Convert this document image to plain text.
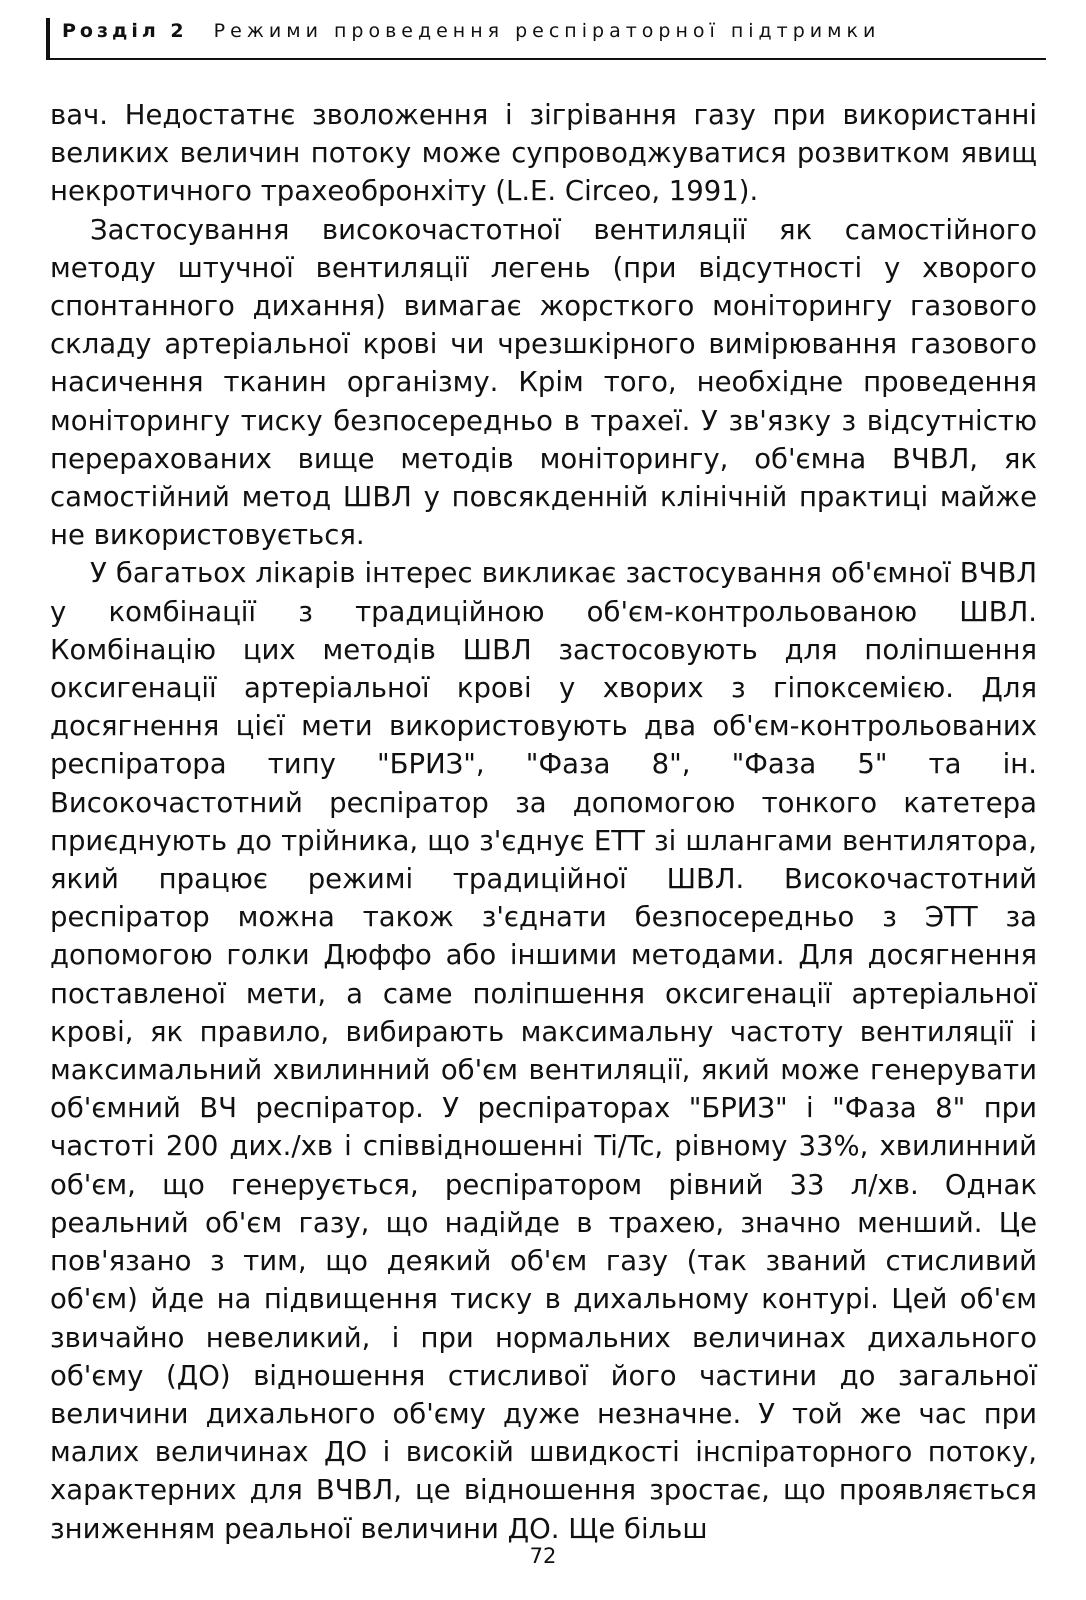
Розділ 2 Режими проведення респіраторної підтримки

вач. Недостатнє зволоження і зігрівання газу при використанні великих величин потоку може супроводжуватися розвитком явищ некротичного трахеобронхіту (L.E. Circeo, 1991).

Застосування високочастотної вентиляції як самостійного методу штучної вентиляції легень (при відсутності у хворого спонтанного дихання) вимагає жорсткого моніторингу газового складу артеріальної крові чи чрезшкірного вимірювання газового насичення тканин організму. Крім того, необхідне проведення моніторингу тиску безпосередньо в трахеї. У зв'язку з відсутністю перерахованих вище методів моніторингу, об'ємна ВЧВЛ, як самостійний метод ШВЛ у повсякденній клінічній практиці майже не використовується.

У багатьох лікарів інтерес викликає застосування об'ємної ВЧВЛ у комбінації з традиційною об'єм-контрольованою ШВЛ. Комбінацію цих методів ШВЛ застосовують для поліпшення оксигенації артеріальної крові у хворих з гіпоксемією. Для досягнення цієї мети використовують два об'єм-контрольованих респіратора типу "БРИЗ", "Фаза 8", "Фаза 5" та ін. Високочастотний респіратор за допомогою тонкого катетера приєднують до трійника, що з'єднує ЕТТ зі шлангами вентилятора, який працює режимі традиційної ШВЛ. Високочастотний респіратор можна також з'єднати безпосередньо з ЭТТ за допомогою голки Дюффо або іншими методами. Для досягнення поставленої мети, а саме поліпшення оксигенації артеріальної крові, як правило, вибирають максимальну частоту вентиляції і максимальний хвилинний об'єм вентиляції, який може генерувати об'ємний ВЧ респіратор. У респіраторах "БРИЗ" і "Фаза 8" при частоті 200 дих./хв і співвідношенні Ti/Tc, рівному 33%, хвилинний об'єм, що генерується, респіратором рівний 33 л/хв. Однак реальний об'єм газу, що надійде в трахею, значно менший. Це пов'язано з тим, що деякий об'єм газу (так званий стисливий об'єм) йде на підвищення тиску в дихальному контурі. Цей об'єм звичайно невеликий, і при нормальних величинах дихального об'єму (ДО) відношення стисливої його частини до загальної величини дихального об'єму дуже незначне. У той же час при малих величинах ДО і високій швидкості інспіраторного потоку, характерних для ВЧВЛ, це відношення зростає, що проявляється зниженням реальної величини ДО. Ще більш

72
